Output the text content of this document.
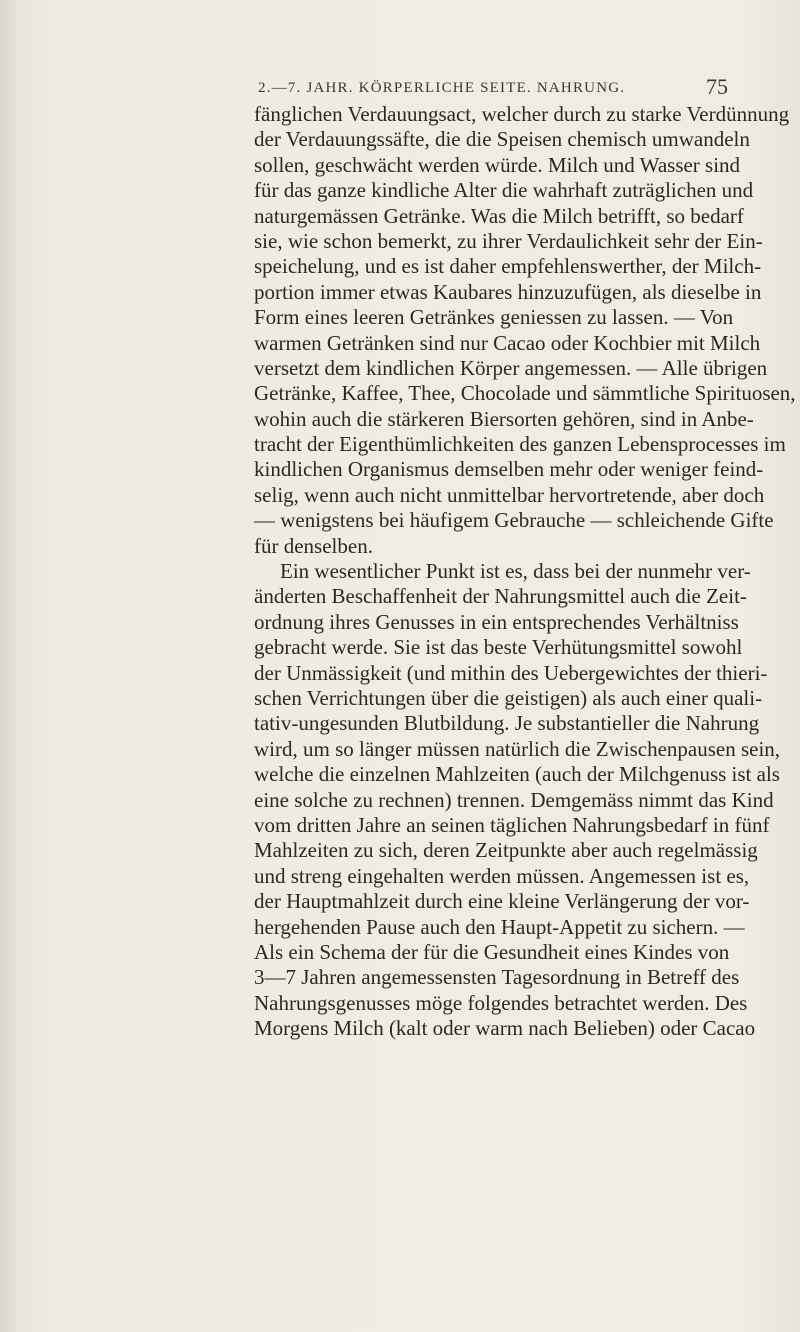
2.—7. JAHR. KÖRPERLICHE SEITE. NAHRUNG.	75
fänglichen Verdauungsact, welcher durch zu starke Verdünnung
der Verdauungssäfte, die die Speisen chemisch umwandeln
sollen, geschwächt werden würde. Milch und Wasser sind
für das ganze kindliche Alter die wahrhaft zuträglichen und
naturgemässen Getränke. Was die Milch betrifft, so bedarf
sie, wie schon bemerkt, zu ihrer Verdaulichkeit sehr der Ein-
speichelung, und es ist daher empfehlenswerther, der Milch-
portion immer etwas Kaubares hinzuzufügen, als dieselbe in
Form eines leeren Getränkes geniessen zu lassen. — Von
warmen Getränken sind nur Cacao oder Kochbier mit Milch
versetzt dem kindlichen Körper angemessen. — Alle übrigen
Getränke, Kaffee, Thee, Chocolade und sämmtliche Spirituosen,
wohin auch die stärkeren Biersorten gehören, sind in Anbe-
tracht der Eigenthümlichkeiten des ganzen Lebensprocesses im
kindlichen Organismus demselben mehr oder weniger feind-
selig, wenn auch nicht unmittelbar hervortretende, aber doch
— wenigstens bei häufigem Gebrauche — schleichende Gifte
für denselben.
Ein wesentlicher Punkt ist es, dass bei der nunmehr ver-
änderten Beschaffenheit der Nahrungsmittel auch die Zeit-
ordnung ihres Genusses in ein entsprechendes Verhältniss
gebracht werde. Sie ist das beste Verhütungsmittel sowohl
der Unmässigkeit (und mithin des Uebergewichtes der thieri-
schen Verrichtungen über die geistigen) als auch einer quali-
tativ-ungesunden Blutbildung. Je substantieller die Nahrung
wird, um so länger müssen natürlich die Zwischenpausen sein,
welche die einzelnen Mahlzeiten (auch der Milchgenuss ist als
eine solche zu rechnen) trennen. Demgemäss nimmt das Kind
vom dritten Jahre an seinen täglichen Nahrungsbedarf in fünf
Mahlzeiten zu sich, deren Zeitpunkte aber auch regelmässig
und streng eingehalten werden müssen. Angemessen ist es,
der Hauptmahlzeit durch eine kleine Verlängerung der vor-
hergehenden Pause auch den Haupt-Appetit zu sichern. —
Als ein Schema der für die Gesundheit eines Kindes von
3—7 Jahren angemessensten Tagesordnung in Betreff des
Nahrungsgenusses möge folgendes betrachtet werden. Des
Morgens Milch (kalt oder warm nach Belieben) oder Cacao
